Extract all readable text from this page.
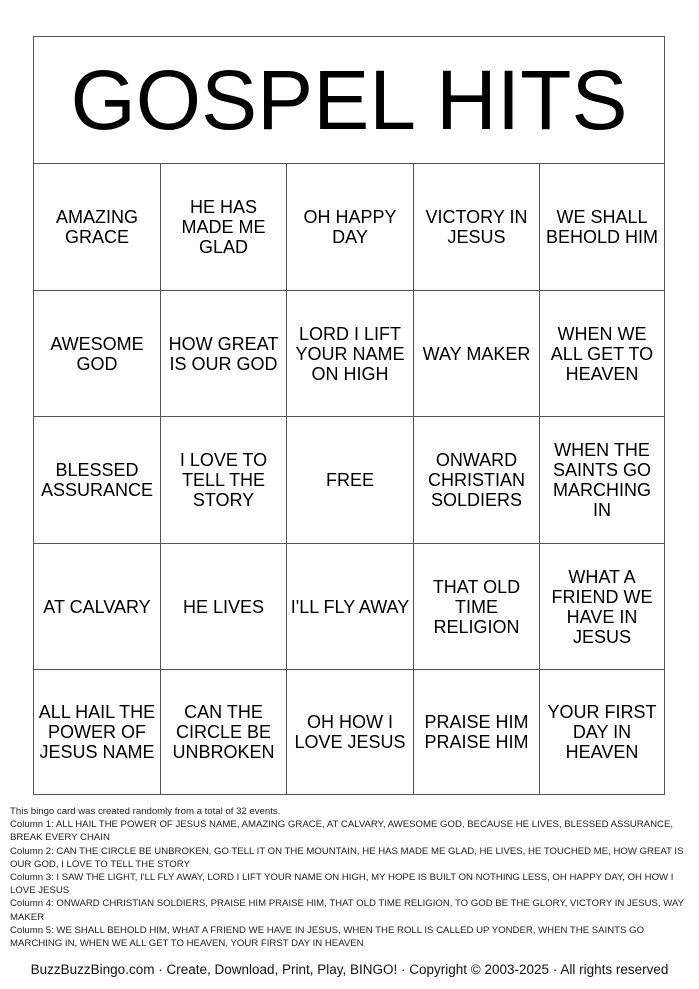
GOSPEL HITS
AMAZING GRACE
HE HAS MADE ME GLAD
OH HAPPY DAY
VICTORY IN JESUS
WE SHALL BEHOLD HIM
AWESOME GOD
HOW GREAT IS OUR GOD
LORD I LIFT YOUR NAME ON HIGH
WAY MAKER
WHEN WE ALL GET TO HEAVEN
BLESSED ASSURANCE
I LOVE TO TELL THE STORY
FREE
ONWARD CHRISTIAN SOLDIERS
WHEN THE SAINTS GO MARCHING IN
AT CALVARY	HE LIVES	I'LL FLY AWAY
THAT OLD TIME RELIGION
WHAT A FRIEND WE HAVE IN JESUS
ALL HAIL THE POWER OF JESUS NAME
CAN THE CIRCLE BE UNBROKEN
OH HOW I LOVE JESUS
PRAISE HIM PRAISE HIM
YOUR FIRST DAY IN HEAVEN
This bingo card was created randomly from a total of 32 events.
Column 1: ALL HAIL THE POWER OF JESUS NAME, AMAZING GRACE, AT CALVARY, AWESOME GOD, BECAUSE HE LIVES, BLESSED ASSURANCE, BREAK EVERY CHAIN
Column 2: CAN THE CIRCLE BE UNBROKEN, GO TELL IT ON THE MOUNTAIN, HE HAS MADE ME GLAD, HE LIVES, HE TOUCHED ME, HOW GREAT IS OUR GOD, I LOVE TO TELL THE STORY
Column 3: I SAW THE LIGHT, I'LL FLY AWAY, LORD I LIFT YOUR NAME ON HIGH, MY HOPE IS BUILT ON NOTHING LESS, OH HAPPY DAY, OH HOW I LOVE JESUS
Column 4: ONWARD CHRISTIAN SOLDIERS, PRAISE HIM PRAISE HIM, THAT OLD TIME RELIGION, TO GOD BE THE GLORY, VICTORY IN JESUS, WAY MAKER
Column 5: WE SHALL BEHOLD HIM, WHAT A FRIEND WE HAVE IN JESUS, WHEN THE ROLL IS CALLED UP YONDER, WHEN THE SAINTS GO MARCHING IN, WHEN WE ALL GET TO HEAVEN, YOUR FIRST DAY IN HEAVEN
BuzzBuzzBingo.com · Create, Download, Print, Play, BINGO! · Copyright © 2003-2025 · All rights reserved
